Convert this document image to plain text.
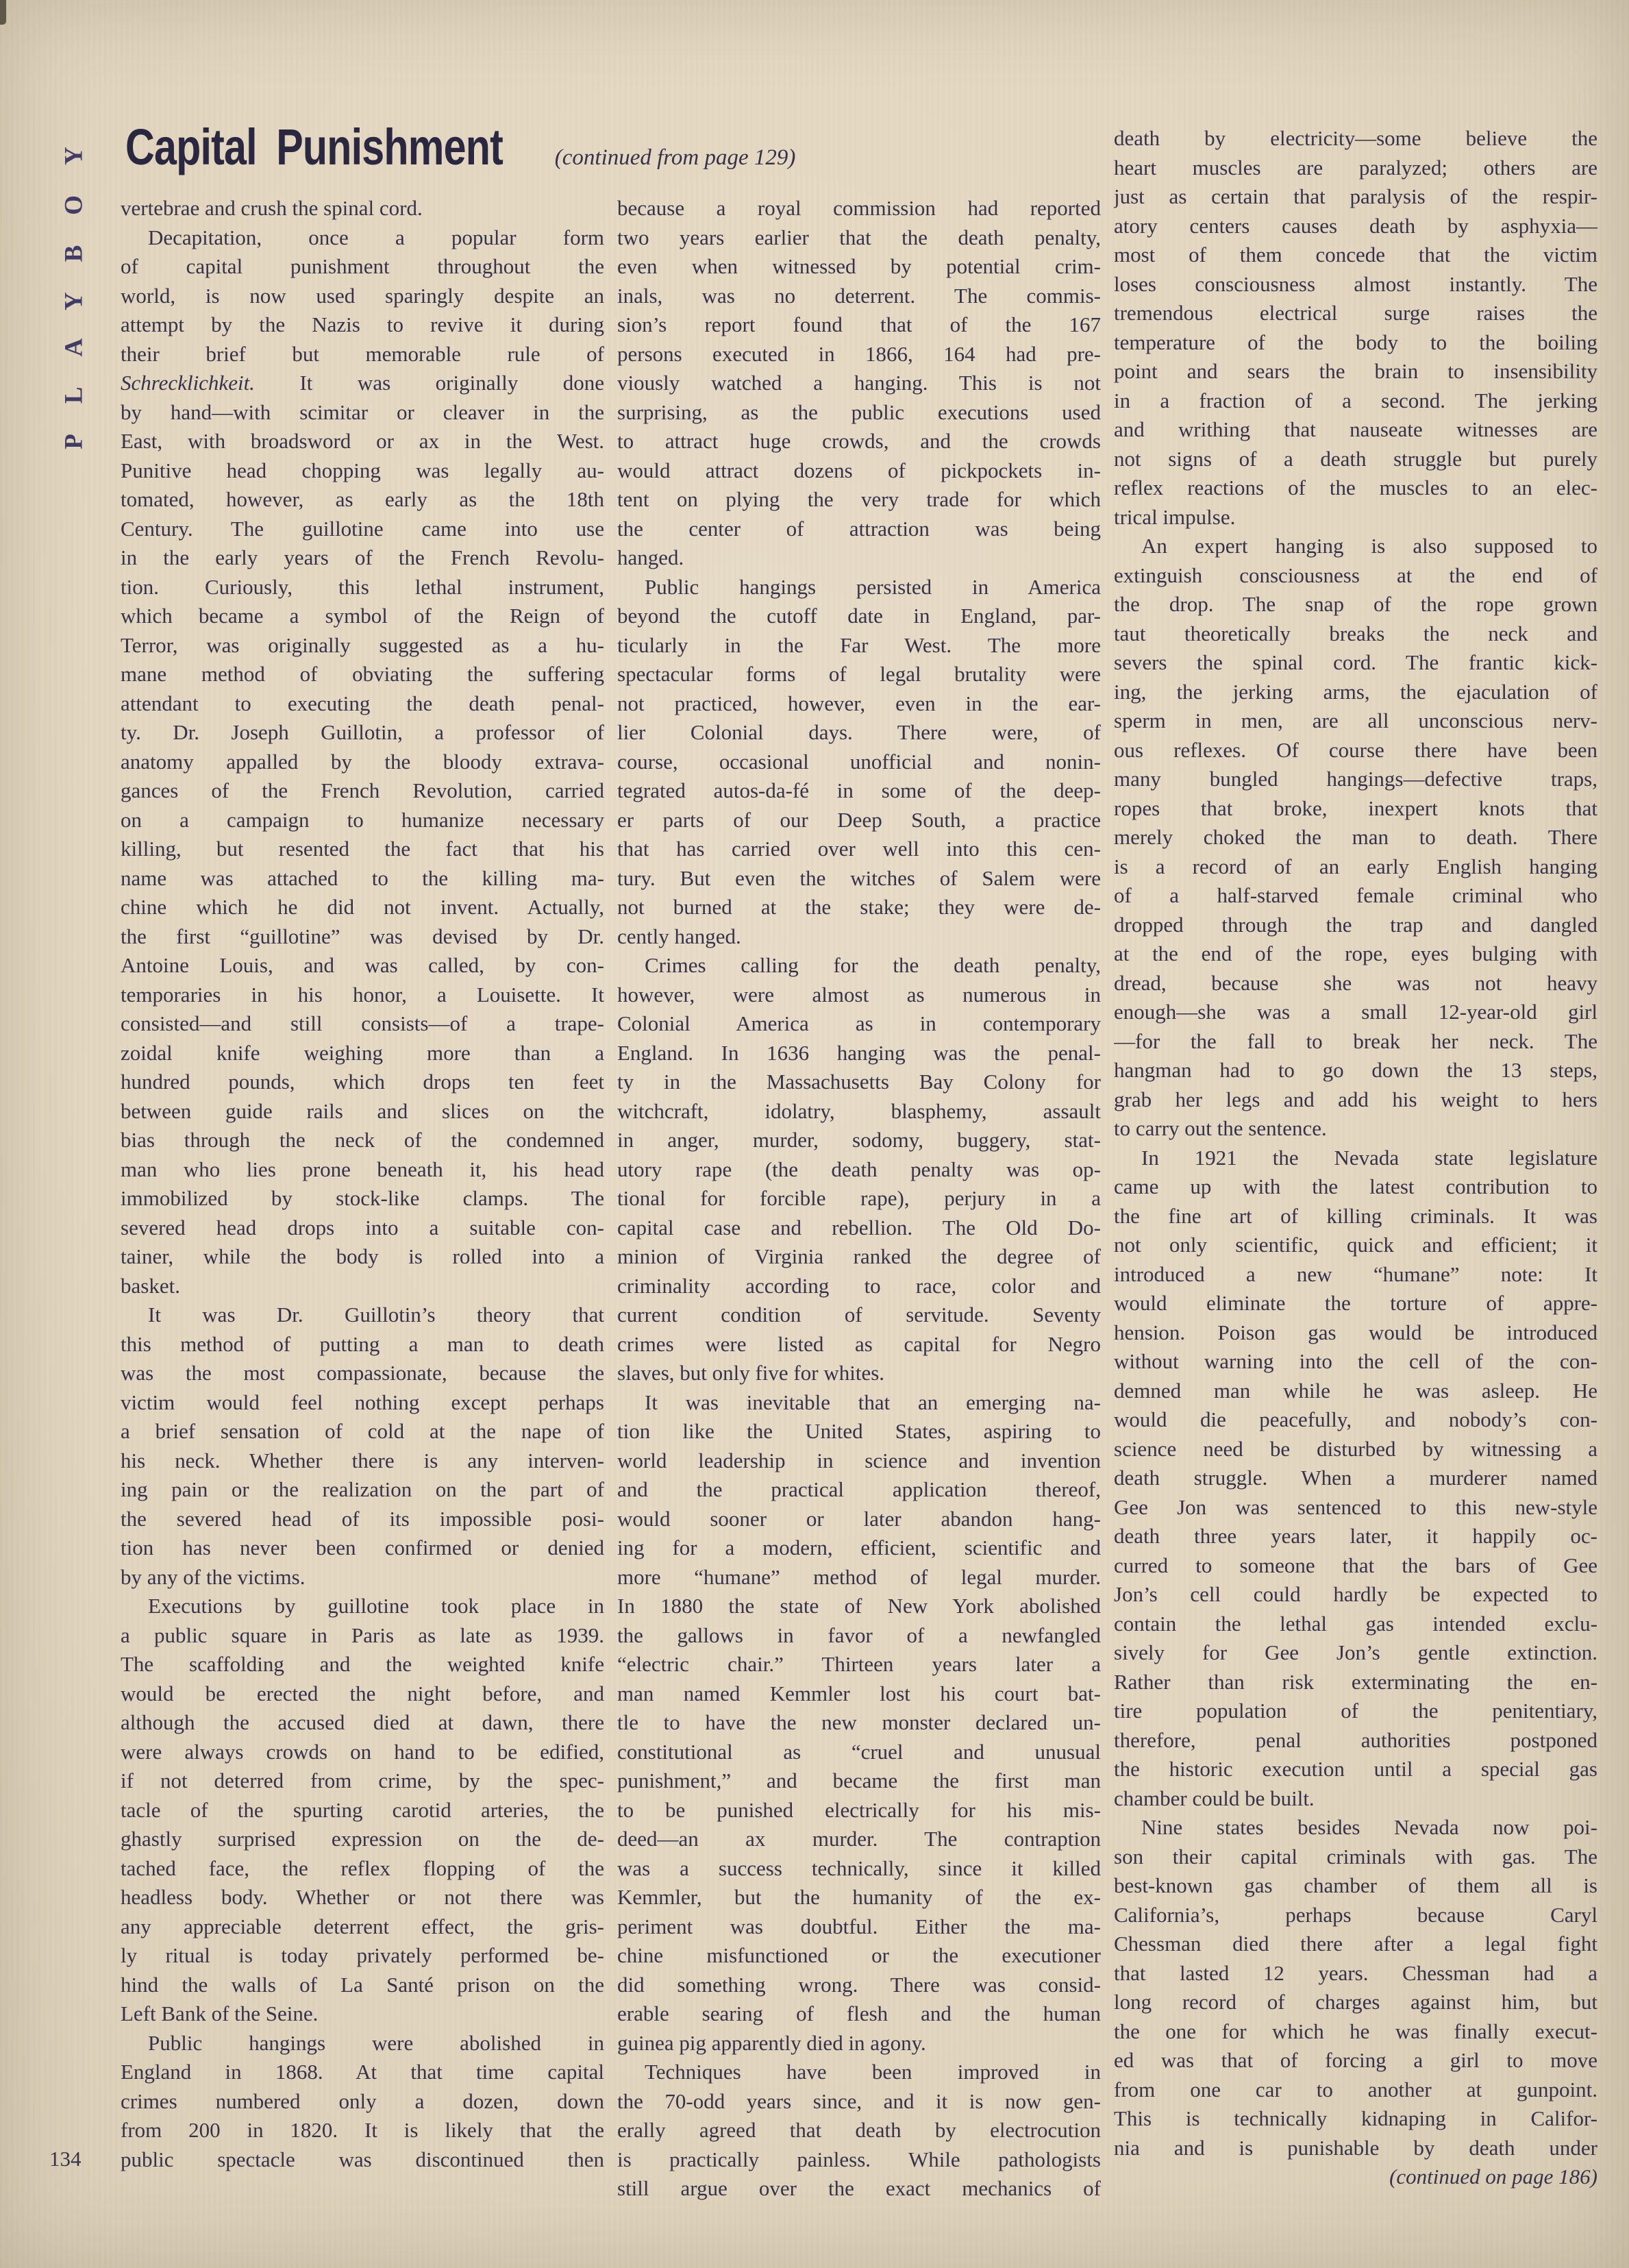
PLAYBOY Capital Punishment (continued from page 129)
vertebrae and crush the spinal cord.
Decapitation, once a popular form
of capital punishment throughout the
world, is now used sparingly despite an
attempt by the Nazis to revive it during
their brief but memorable rule of
Schrecklichkeit. It was originally done
by hand—with scimitar or cleaver in the
East, with broadsword or ax in the West.
Punitive head chopping was legally au-
tomated, however, as early as the 18th
Century. The guillotine came into use
in the early years of the French Revolu-
tion. Curiously, this lethal instrument,
which became a symbol of the Reign of
Terror, was originally suggested as a hu-
mane method of obviating the suffering
attendant to executing the death penal-
ty. Dr. Joseph Guillotin, a professor of
anatomy appalled by the bloody extrava-
gances of the French Revolution, carried
on a campaign to humanize necessary
killing, but resented the fact that his
name was attached to the killing ma-
chine which he did not invent. Actually,
the first “guillotine” was devised by Dr.
Antoine Louis, and was called, by con-
temporaries in his honor, a Louisette. It
consisted—and still consists—of a trape-
zoidal knife weighing more than a
hundred pounds, which drops ten feet
between guide rails and slices on the
bias through the neck of the condemned
man who lies prone beneath it, his head
immobilized by stock-like clamps. The
severed head drops into a suitable con-
tainer, while the body is rolled into a
basket.
It was Dr. Guillotin’s theory that
this method of putting a man to death
was the most compassionate, because the
victim would feel nothing except perhaps
a brief sensation of cold at the nape of
his neck. Whether there is any interven-
ing pain or the realization on the part of
the severed head of its impossible posi-
tion has never been confirmed or denied
by any of the victims.
Executions by guillotine took place in
a public square in Paris as late as 1939.
The scaffolding and the weighted knife
would be erected the night before, and
although the accused died at dawn, there
were always crowds on hand to be edified,
if not deterred from crime, by the spec-
tacle of the spurting carotid arteries, the
ghastly surprised expression on the de-
tached face, the reflex flopping of the
headless body. Whether or not there was
any appreciable deterrent effect, the gris-
ly ritual is today privately performed be-
hind the walls of La Santé prison on the
Left Bank of the Seine.
Public hangings were abolished in
England in 1868. At that time capital
crimes numbered only a dozen, down
from 200 in 1820. It is likely that the
public spectacle was discontinued then
because a royal commission had reported
two years earlier that the death penalty,
even when witnessed by potential crim-
inals, was no deterrent. The commis-
sion’s report found that of the 167
persons executed in 1866, 164 had pre-
viously watched a hanging. This is not
surprising, as the public executions used
to attract huge crowds, and the crowds
would attract dozens of pickpockets in-
tent on plying the very trade for which
the center of attraction was being
hanged.
Public hangings persisted in America
beyond the cutoff date in England, par-
ticularly in the Far West. The more
spectacular forms of legal brutality were
not practiced, however, even in the ear-
lier Colonial days. There were, of
course, occasional unofficial and nonin-
tegrated autos-da-fé in some of the deep-
er parts of our Deep South, a practice
that has carried over well into this cen-
tury. But even the witches of Salem were
not burned at the stake; they were de-
cently hanged.
Crimes calling for the death penalty,
however, were almost as numerous in
Colonial America as in contemporary
England. In 1636 hanging was the penal-
ty in the Massachusetts Bay Colony for
witchcraft, idolatry, blasphemy, assault
in anger, murder, sodomy, buggery, stat-
utory rape (the death penalty was op-
tional for forcible rape), perjury in a
capital case and rebellion. The Old Do-
minion of Virginia ranked the degree of
criminality according to race, color and
current condition of servitude. Seventy
crimes were listed as capital for Negro
slaves, but only five for whites.
It was inevitable that an emerging na-
tion like the United States, aspiring to
world leadership in science and invention
and the practical application thereof,
would sooner or later abandon hang-
ing for a modern, efficient, scientific and
more “humane” method of legal murder.
In 1880 the state of New York abolished
the gallows in favor of a newfangled
“electric chair.” Thirteen years later a
man named Kemmler lost his court bat-
tle to have the new monster declared un-
constitutional as “cruel and unusual
punishment,” and became the first man
to be punished electrically for his mis-
deed—an ax murder. The contraption
was a success technically, since it killed
Kemmler, but the humanity of the ex-
periment was doubtful. Either the ma-
chine misfunctioned or the executioner
did something wrong. There was consid-
erable searing of flesh and the human
guinea pig apparently died in agony.
Techniques have been improved in
the 70-odd years since, and it is now gen-
erally agreed that death by electrocution
is practically painless. While pathologists
still argue over the exact mechanics of
death by electricity—some believe the
heart muscles are paralyzed; others are
just as certain that paralysis of the respir-
atory centers causes death by asphyxia—
most of them concede that the victim
loses consciousness almost instantly. The
tremendous electrical surge raises the
temperature of the body to the boiling
point and sears the brain to insensibility
in a fraction of a second. The jerking
and writhing that nauseate witnesses are
not signs of a death struggle but purely
reflex reactions of the muscles to an elec-
trical impulse.
An expert hanging is also supposed to
extinguish consciousness at the end of
the drop. The snap of the rope grown
taut theoretically breaks the neck and
severs the spinal cord. The frantic kick-
ing, the jerking arms, the ejaculation of
sperm in men, are all unconscious nerv-
ous reflexes. Of course there have been
many bungled hangings—defective traps,
ropes that broke, inexpert knots that
merely choked the man to death. There
is a record of an early English hanging
of a half-starved female criminal who
dropped through the trap and dangled
at the end of the rope, eyes bulging with
dread, because she was not heavy
enough—she was a small 12-year-old girl
—for the fall to break her neck. The
hangman had to go down the 13 steps,
grab her legs and add his weight to hers
to carry out the sentence.
In 1921 the Nevada state legislature
came up with the latest contribution to
the fine art of killing criminals. It was
not only scientific, quick and efficient; it
introduced a new “humane” note: It
would eliminate the torture of appre-
hension. Poison gas would be introduced
without warning into the cell of the con-
demned man while he was asleep. He
would die peacefully, and nobody’s con-
science need be disturbed by witnessing a
death struggle. When a murderer named
Gee Jon was sentenced to this new-style
death three years later, it happily oc-
curred to someone that the bars of Gee
Jon’s cell could hardly be expected to
contain the lethal gas intended exclu-
sively for Gee Jon’s gentle extinction.
Rather than risk exterminating the en-
tire population of the penitentiary,
therefore, penal authorities postponed
the historic execution until a special gas
chamber could be built.
Nine states besides Nevada now poi-
son their capital criminals with gas. The
best-known gas chamber of them all is
California’s, perhaps because Caryl
Chessman died there after a legal fight
that lasted 12 years. Chessman had a
long record of charges against him, but
the one for which he was finally execut-
ed was that of forcing a girl to move
from one car to another at gunpoint.
This is technically kidnaping in Califor-
nia and is punishable by death under
(continued on page 186)
134
